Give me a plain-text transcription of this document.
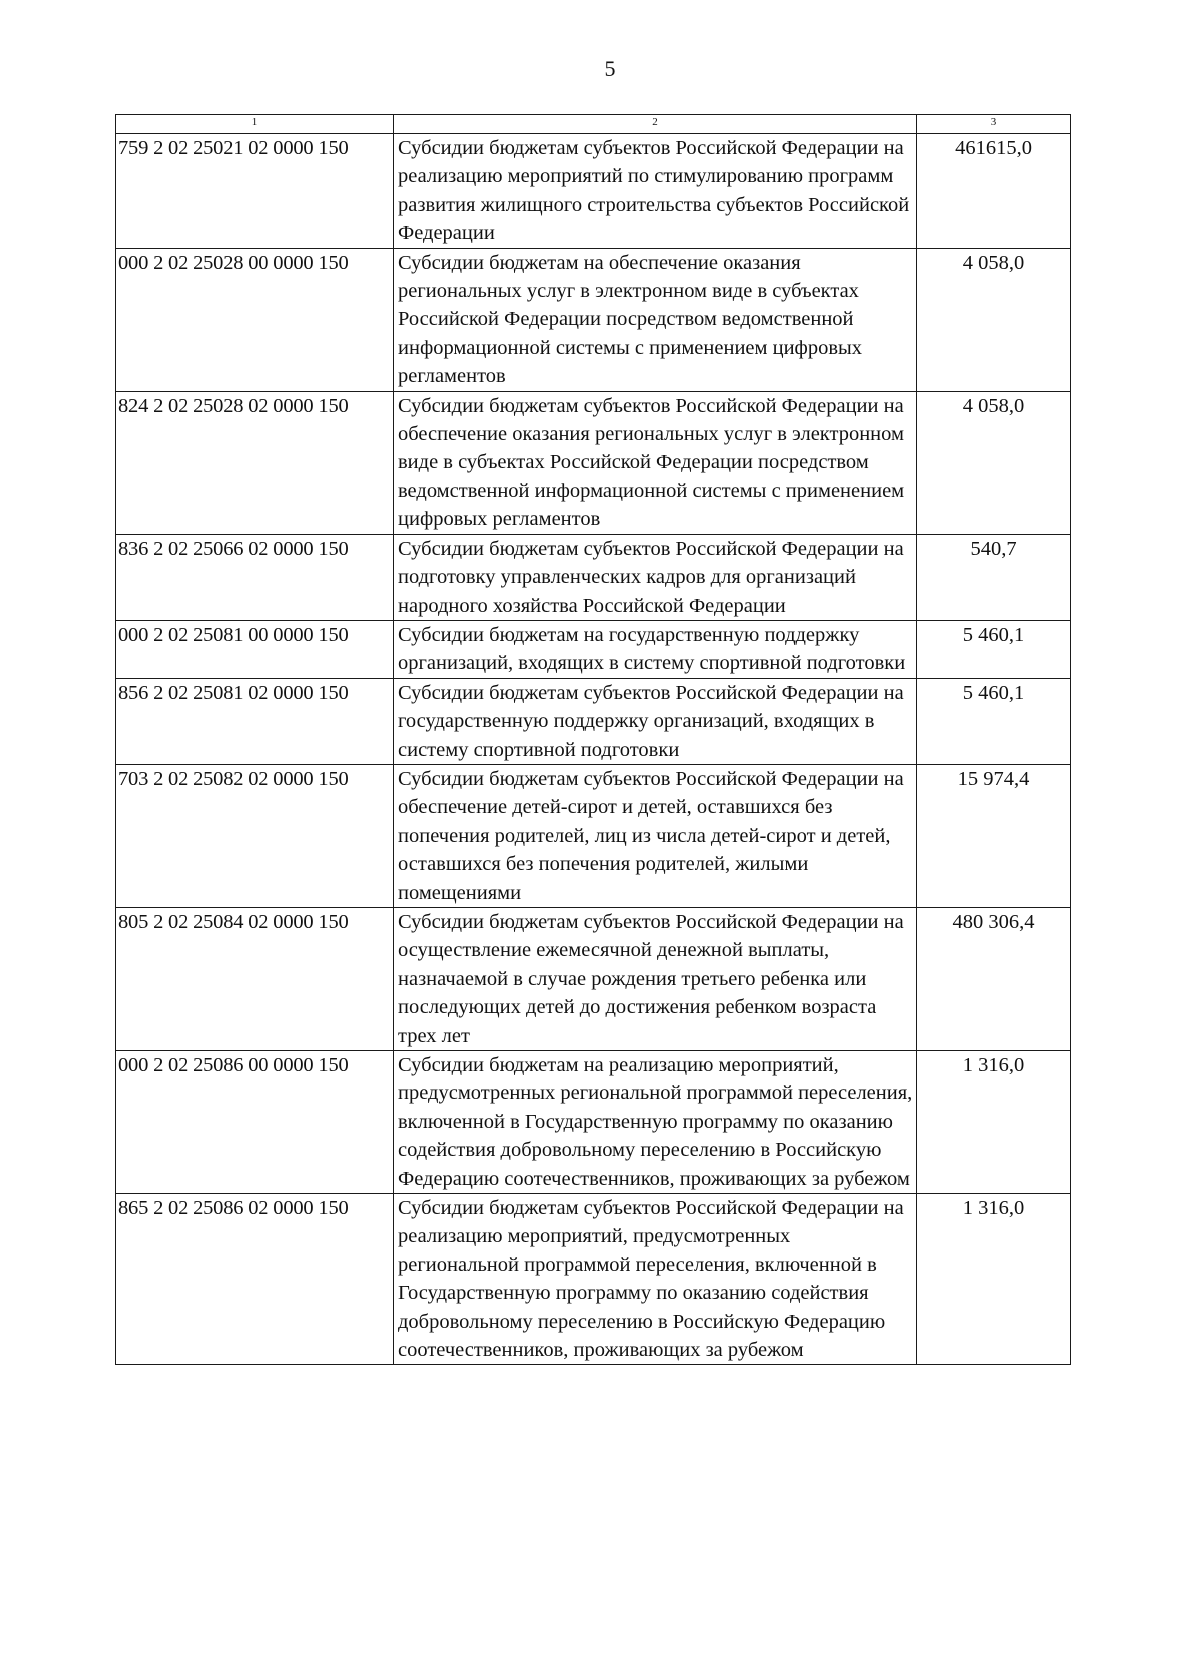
5
1	2	3
759 2 02 25021 02 0000 150	Субсидии бюджетам субъектов Российской Федерации на реализацию мероприятий по стимулированию программ развития жилищного строительства субъектов Российской Федерации	461615,0
000 2 02 25028 00 0000 150	Субсидии бюджетам на обеспечение оказания региональных услуг в электронном виде в субъектах Российской Федерации посредством ведомственной информационной системы с применением цифровых регламентов	4 058,0
824 2 02 25028 02 0000 150	Субсидии бюджетам субъектов Российской Федерации на обеспечение оказания региональных услуг в электронном виде в субъектах Российской Федерации посредством ведомственной информационной системы с применением цифровых регламентов	4 058,0
836 2 02 25066 02 0000 150	Субсидии бюджетам субъектов Российской Федерации на подготовку управленческих кадров для организаций народного хозяйства Российской Федерации	540,7
000 2 02 25081 00 0000 150	Субсидии бюджетам на государственную поддержку организаций, входящих в систему спортивной подготовки	5 460,1
856 2 02 25081 02 0000 150	Субсидии бюджетам субъектов Российской Федерации на государственную поддержку организаций, входящих в систему спортивной подготовки	5 460,1
703 2 02 25082 02 0000 150	Субсидии бюджетам субъектов Российской Федерации на обеспечение детей-сирот и детей, оставшихся без попечения родителей, лиц из числа детей-сирот и детей, оставшихся без попечения родителей, жилыми помещениями	15 974,4
805 2 02 25084 02 0000 150	Субсидии бюджетам субъектов Российской Федерации на осуществление ежемесячной денежной выплаты, назначаемой в случае рождения третьего ребенка или последующих детей до достижения ребенком возраста трех лет	480 306,4
000 2 02 25086 00 0000 150	Субсидии бюджетам на реализацию мероприятий, предусмотренных региональной программой переселения, включенной в Государственную программу по оказанию содействия добровольному переселению в Российскую Федерацию соотечественников, проживающих за рубежом	1 316,0
865 2 02 25086 02 0000 150	Субсидии бюджетам субъектов Российской Федерации на реализацию мероприятий, предусмотренных региональной программой переселения, включенной в Государственную программу по оказанию содействия добровольному переселению в Российскую Федерацию соотечественников, проживающих за рубежом	1 316,0
